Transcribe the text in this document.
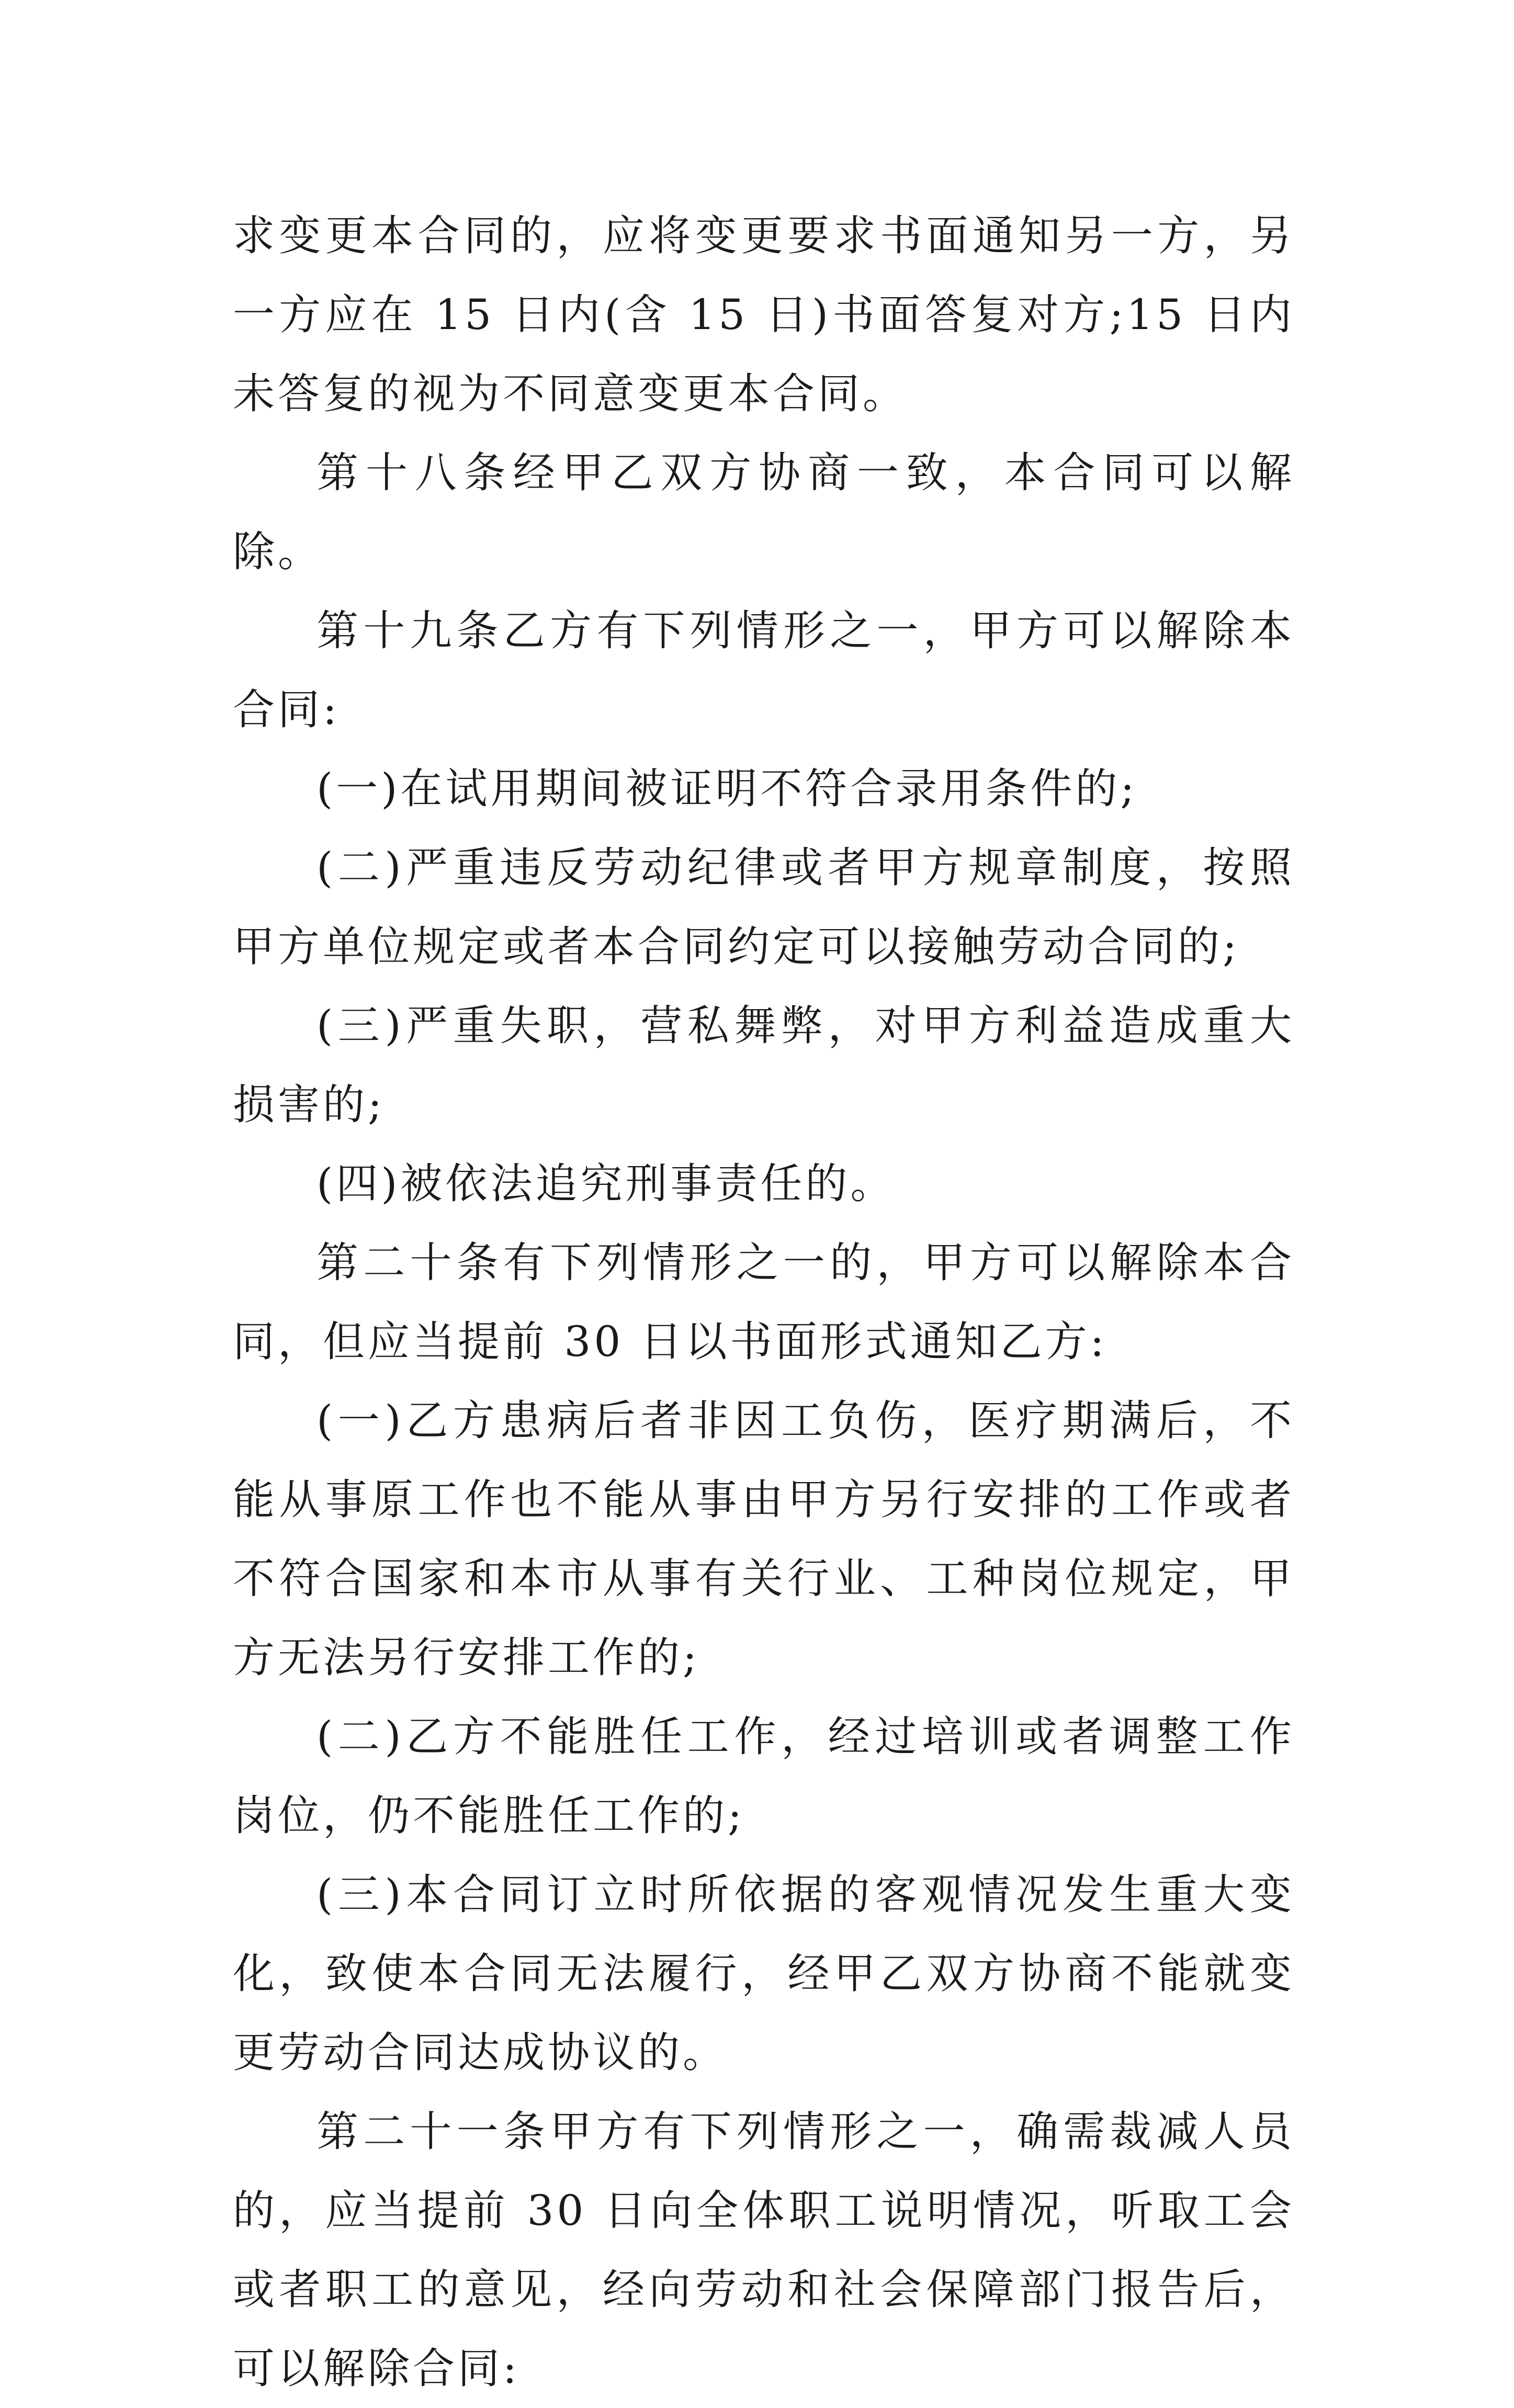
求变更本合同的，应将变更要求书面通知另一方，另一方应在 15 日内(含 15 日)书面答复对方;15 日内未答复的视为不同意变更本合同。

第十八条经甲乙双方协商一致，本合同可以解除。

第十九条乙方有下列情形之一，甲方可以解除本合同:

(一)在试用期间被证明不符合录用条件的;

(二)严重违反劳动纪律或者甲方规章制度，按照甲方单位规定或者本合同约定可以接触劳动合同的;

(三)严重失职，营私舞弊，对甲方利益造成重大损害的;

(四)被依法追究刑事责任的。

第二十条有下列情形之一的，甲方可以解除本合同，但应当提前 30 日以书面形式通知乙方:

(一)乙方患病后者非因工负伤，医疗期满后，不能从事原工作也不能从事由甲方另行安排的工作或者不符合国家和本市从事有关行业、工种岗位规定，甲方无法另行安排工作的;

(二)乙方不能胜任工作，经过培训或者调整工作岗位，仍不能胜任工作的;

(三)本合同订立时所依据的客观情况发生重大变化，致使本合同无法履行，经甲乙双方协商不能就变更劳动合同达成协议的。

第二十一条甲方有下列情形之一，确需裁减人员的，应当提前 30 日向全体职工说明情况，听取工会或者职工的意见，经向劳动和社会保障部门报告后，可以解除合同:
